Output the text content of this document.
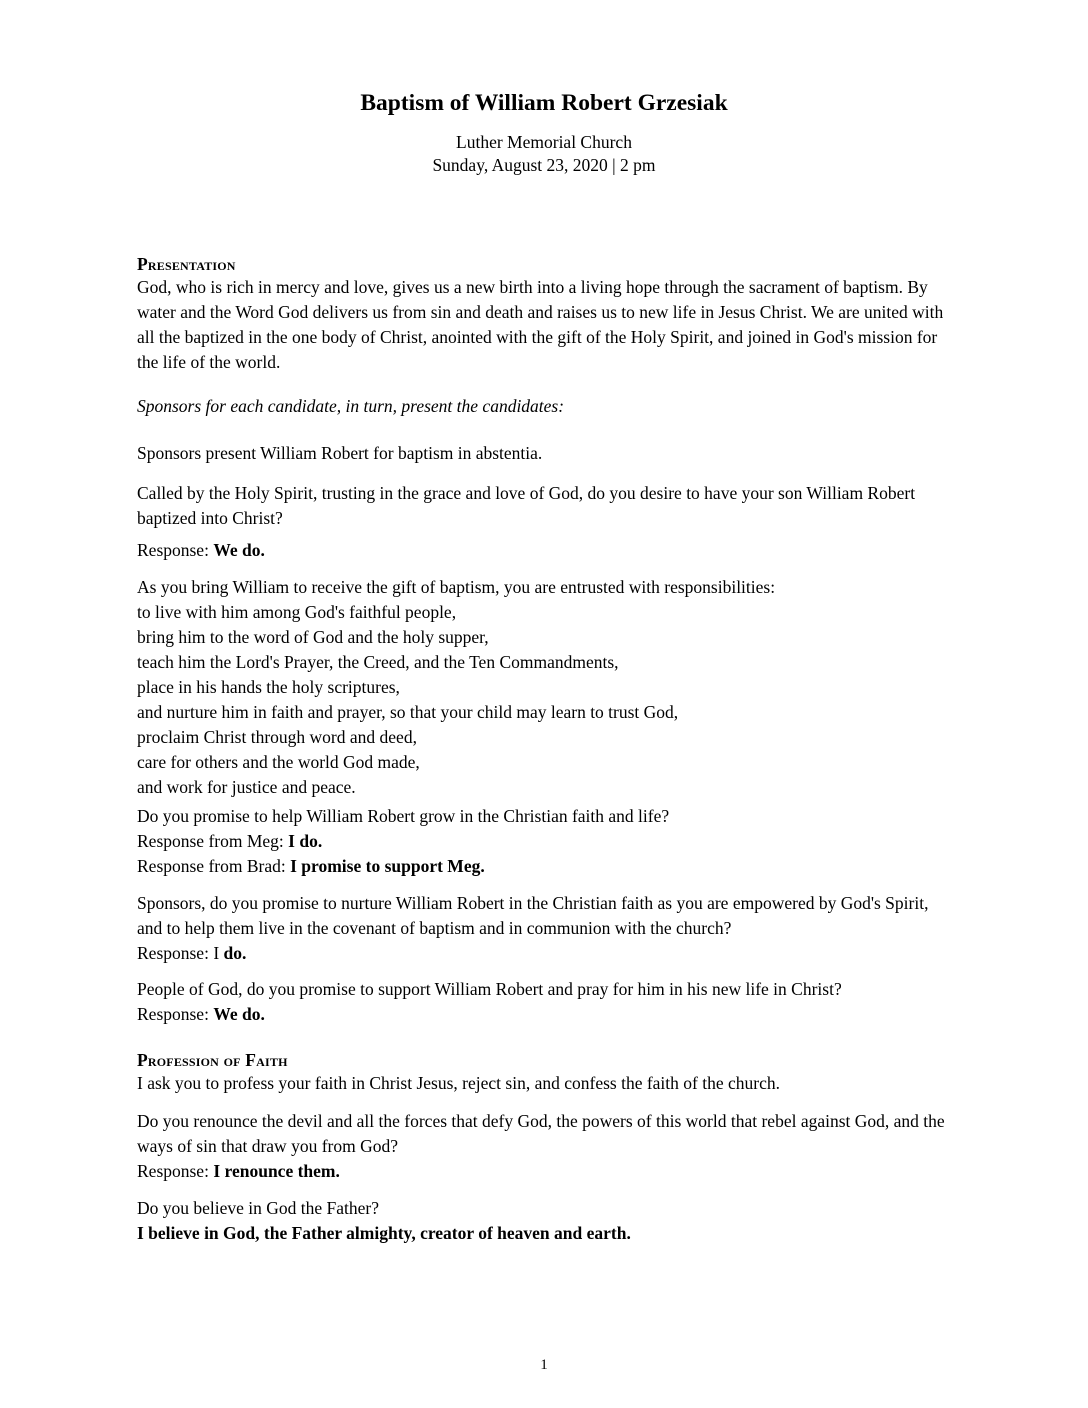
Baptism of William Robert Grzesiak
Luther Memorial Church
Sunday, August 23, 2020 | 2 pm
Presentation

God, who is rich in mercy and love, gives us a new birth into a living hope through the sacrament of baptism. By water and the Word God delivers us from sin and death and raises us to new life in Jesus Christ. We are united with all the baptized in the one body of Christ, anointed with the gift of the Holy Spirit, and joined in God's mission for the life of the world.

Sponsors for each candidate, in turn, present the candidates:

Sponsors present William Robert for baptism in abstentia.

Called by the Holy Spirit, trusting in the grace and love of God, do you desire to have your son William Robert baptized into Christ?

Response: We do.

As you bring William to receive the gift of baptism, you are entrusted with responsibilities:
to live with him among God's faithful people,
bring him to the word of God and the holy supper,
teach him the Lord's Prayer, the Creed, and the Ten Commandments,
place in his hands the holy scriptures,
and nurture him in faith and prayer, so that your child may learn to trust God,
proclaim Christ through word and deed,
care for others and the world God made,
and work for justice and peace.
Do you promise to help William Robert grow in the Christian faith and life?
Response from Meg: I do.
Response from Brad: I promise to support Meg.
Sponsors, do you promise to nurture William Robert in the Christian faith as you are empowered by God's Spirit, and to help them live in the covenant of baptism and in communion with the church?
Response: I do.
People of God, do you promise to support William Robert and pray for him in his new life in Christ?
Response: We do.
Profession of Faith

I ask you to profess your faith in Christ Jesus, reject sin, and confess the faith of the church.

Do you renounce the devil and all the forces that defy God, the powers of this world that rebel against God, and the ways of sin that draw you from God?
Response: I renounce them.
Do you believe in God the Father?
I believe in God, the Father almighty, creator of heaven and earth.
1
